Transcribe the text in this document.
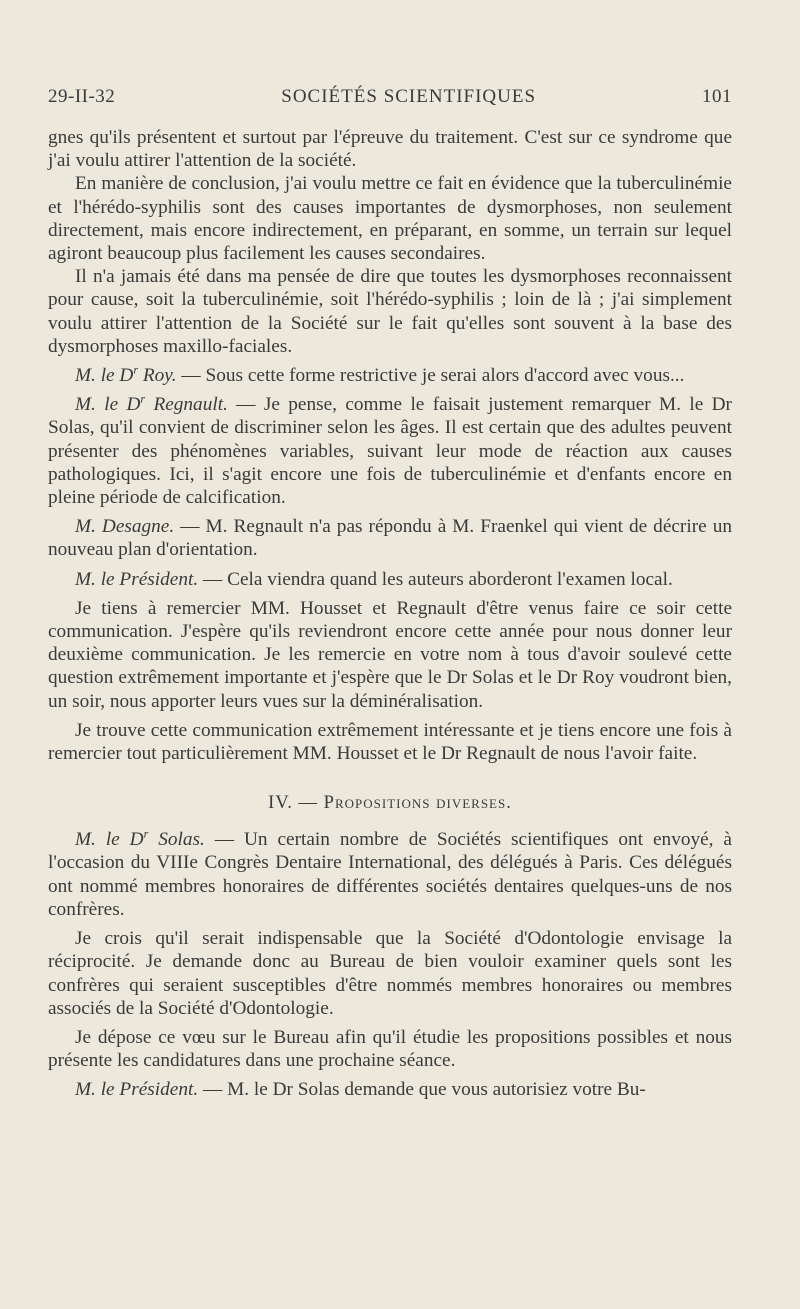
29-II-32	SOCIÉTÉS SCIENTIFIQUES	101

gnes qu'ils présentent et surtout par l'épreuve du traitement. C'est sur ce syndrome que j'ai voulu attirer l'attention de la société.

En manière de conclusion, j'ai voulu mettre ce fait en évidence que la tuberculinémie et l'hérédo-syphilis sont des causes importantes de dysmorphoses, non seulement directement, mais encore indirectement, en préparant, en somme, un terrain sur lequel agiront beaucoup plus facilement les causes secondaires.

Il n'a jamais été dans ma pensée de dire que toutes les dysmorphoses reconnaissent pour cause, soit la tuberculinémie, soit l'hérédo-syphilis ; loin de là ; j'ai simplement voulu attirer l'attention de la Société sur le fait qu'elles sont souvent à la base des dysmorphoses maxillo-faciales.

M. le $D^r$ Roy. — Sous cette forme restrictive je serai alors d'accord avec vous...

M. le $D^r$ Regnault. — Je pense, comme le faisait justement remarquer M. le Dr Solas, qu'il convient de discriminer selon les âges. Il est certain que des adultes peuvent présenter des phénomènes variables, suivant leur mode de réaction aux causes pathologiques. Ici, il s'agit encore une fois de tuberculinémie et d'enfants encore en pleine période de calcification.

M. Desagne. — M. Regnault n'a pas répondu à M. Fraenkel qui vient de décrire un nouveau plan d'orientation.

M. le Président. — Cela viendra quand les auteurs aborderont l'examen local.

Je tiens à remercier MM. Housset et Regnault d'être venus faire ce soir cette communication. J'espère qu'ils reviendront encore cette année pour nous donner leur deuxième communication. Je les remercie en votre nom à tous d'avoir soulevé cette question extrêmement importante et j'espère que le Dr Solas et le Dr Roy voudront bien, un soir, nous apporter leurs vues sur la déminéralisation.

Je trouve cette communication extrêmement intéressante et je tiens encore une fois à remercier tout particulièrement MM. Housset et le Dr Regnault de nous l'avoir faite.

IV. — Propositions diverses.

M. le $D^r$ Solas. — Un certain nombre de Sociétés scientifiques ont envoyé, à l'occasion du VIIIe Congrès Dentaire International, des délégués à Paris. Ces délégués ont nommé membres honoraires de différentes sociétés dentaires quelques-uns de nos confrères.

Je crois qu'il serait indispensable que la Société d'Odontologie envisage la réciprocité. Je demande donc au Bureau de bien vouloir examiner quels sont les confrères qui seraient susceptibles d'être nommés membres honoraires ou membres associés de la Société d'Odontologie.

Je dépose ce vœu sur le Bureau afin qu'il étudie les propositions possibles et nous présente les candidatures dans une prochaine séance.

M. le Président. — M. le Dr Solas demande que vous autorisiez votre Bu-
